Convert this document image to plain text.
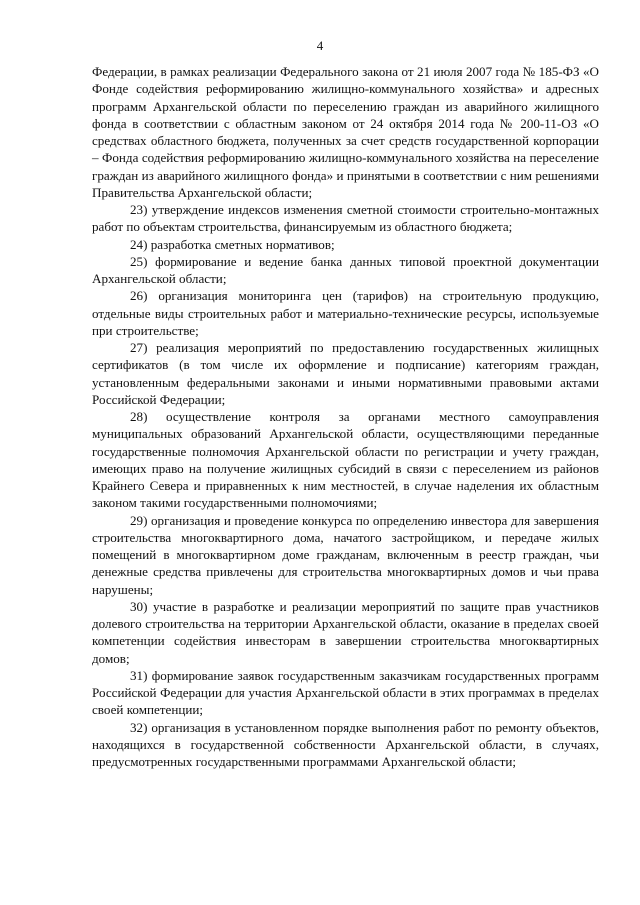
4

Федерации, в рамках реализации Федерального закона от 21 июля 2007 года № 185-ФЗ «О Фонде содействия реформированию жилищно-коммунального хозяйства» и адресных программ Архангельской области по переселению граждан из аварийного жилищного фонда в соответствии с областным законом от 24 октября 2014 года № 200-11-ОЗ «О средствах областного бюджета, полученных за счет средств государственной корпорации – Фонда содействия реформированию жилищно-коммунального хозяйства на переселение граждан из аварийного жилищного фонда» и принятыми в соответствии с ним решениями Правительства Архангельской области;

23) утверждение индексов изменения сметной стоимости строительно-монтажных работ по объектам строительства, финансируемым из областного бюджета;

24) разработка сметных нормативов;

25) формирование и ведение банка данных типовой проектной документации Архангельской области;

26) организация мониторинга цен (тарифов) на строительную продукцию, отдельные виды строительных работ и материально-технические ресурсы, используемые при строительстве;

27) реализация мероприятий по предоставлению государственных жилищных сертификатов (в том числе их оформление и подписание) категориям граждан, установленным федеральными законами и иными нормативными правовыми актами Российской Федерации;

28) осуществление контроля за органами местного самоуправления муниципальных образований Архангельской области, осуществляющими переданные государственные полномочия Архангельской области по регистрации и учету граждан, имеющих право на получение жилищных субсидий в связи с переселением из районов Крайнего Севера и приравненных к ним местностей, в случае наделения их областным законом такими государственными полномочиями;

29) организация и проведение конкурса по определению инвестора для завершения строительства многоквартирного дома, начатого застройщиком, и передаче жилых помещений в многоквартирном доме гражданам, включенным в реестр граждан, чьи денежные средства привлечены для строительства многоквартирных домов и чьи права нарушены;

30) участие в разработке и реализации мероприятий по защите прав участников долевого строительства на территории Архангельской области, оказание в пределах своей компетенции содействия инвесторам в завершении строительства многоквартирных домов;

31) формирование заявок государственным заказчикам государственных программ Российской Федерации для участия Архангельской области в этих программах в пределах своей компетенции;

32) организация в установленном порядке выполнения работ по ремонту объектов, находящихся в государственной собственности Архангельской области, в случаях, предусмотренных государственными программами Архангельской области;
